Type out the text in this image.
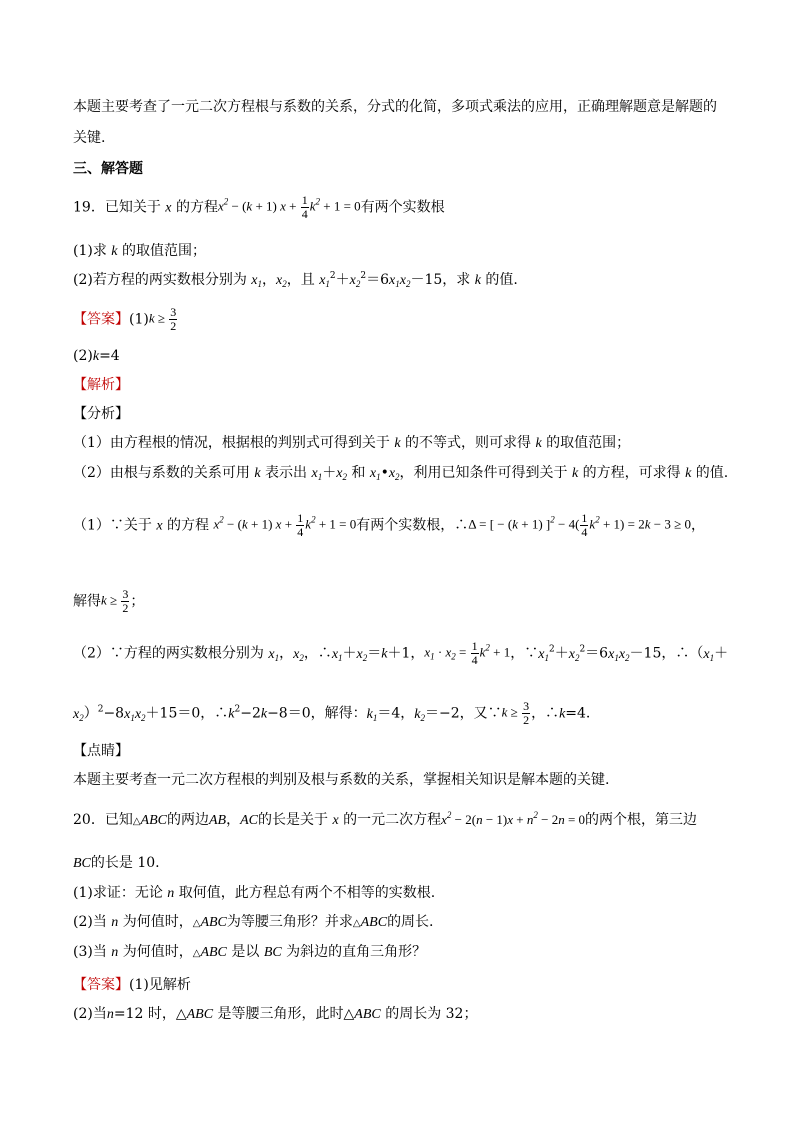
本题主要考查了一元二次方程根与系数的关系，分式的化简，多项式乘法的应用，正确理解题意是解题的
关键.
三、解答题
19．已知关于 x 的方程$x^2 - (k + 1) x + \frac{1}{4} k^2 + 1 = 0$有两个实数根
(1)求 k 的取值范围；
(2)若方程的两实数根分别为 $x_1$，$x_2$，且 $x_1^2+x_2^2=6x_1x_2-15$，求 k 的值.
【答案】$(1)k \ge \frac{3}{2}$
(2)k=4
【解析】
【分析】
（1）由方程根的情况，根据根的判别式可得到关于 k 的不等式，则可求得 k 的取值范围；
（2）由根与系数的关系可用 k 表示出 $x_1+x_2$ 和 $x_1•x_2$，利用已知条件可得到关于 k 的方程，可求得 k 的值.
（1）∵关于 x 的方程 $x^2 - (k + 1) x + \frac{1}{4} k^2 + 1 = 0$有两个实数根，∴Δ = [ − (k + 1) ]$^2 - 4( \frac{1}{4} k^2 + 1) = 2k - 3 \ge 0$，
解得$k \ge \frac{3}{2}$ ；
（2）∵方程的两实数根分别为 $x_1$，$x_2$，$\therefore x_1+x_2=k+1$，$x_1 \cdot x_2 = \frac{1}{4} k^2 + 1$，$\because x_1^2+x_2^2=6x_1x_2-15$，$\therefore(x_1+$
$x_2)^2-8x_1x_2+15=0$，$\therefore k^2-2k-8=0$，解得：$k_1=4$，$k_2=-2$，又∵k ≥ $\frac{3}{2}$ ，∴k=4.
【点睛】
本题主要考查一元二次方程根的判别及根与系数的关系，掌握相关知识是解本题的关键.
20．已知△ABC的两边AB，AC的长是关于 x 的一元二次方程$x^2 - 2(n - 1)x + n^2 - 2n = 0$的两个根，第三边
BC的长是 10.
(1)求证：无论 n 取何值，此方程总有两个不相等的实数根.
(2)当 n 为何值时，△ABC为等腰三角形？并求△ABC的周长.
(3)当 n 为何值时，△ABC 是以 BC 为斜边的直角三角形？
【答案】(1)见解析
(2)当n=12 时，△ABC 是等腰三角形，此时△ABC 的周长为 32；
